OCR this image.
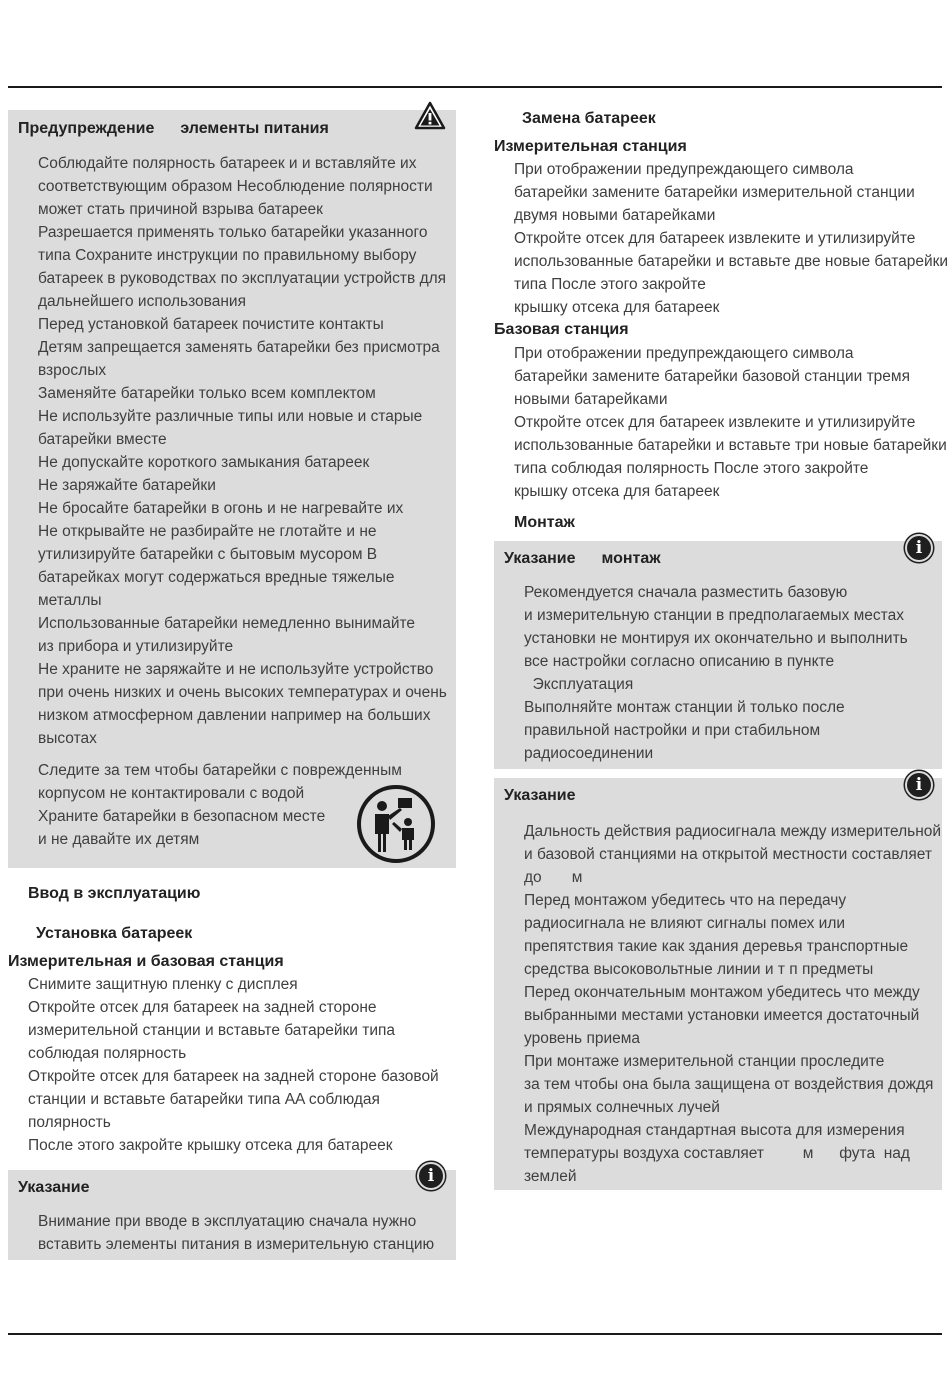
Предупреждение элементы питания
Соблюдайте полярность батареек и и вставляйте их
соответствующим образом Несоблюдение полярности
может стать причиной взрыва батареек
Разрешается применять только батарейки указанного
типа Сохраните инструкции по правильному выбору
батареек в руководствах по эксплуатации устройств для
дальнейшего использования
Перед установкой батареек почистите контакты
Детям запрещается заменять батарейки без присмотра
взрослых
Заменяйте батарейки только всем комплектом
Не используйте различные типы или новые и старые
батарейки вместе
Не допускайте короткого замыкания батареек
Не заряжайте батарейки
Не бросайте батарейки в огонь и не нагревайте их
Не открывайте не разбирайте не глотайте и не
утилизируйте батарейки с бытовым мусором В
батарейках могут содержаться вредные тяжелые
металлы
Использованные батарейки немедленно вынимайте
из прибора и утилизируйте
Не храните не заряжайте и не используйте устройство
при очень низких и очень высоких температурах и очень
низком атмосферном давлении например на больших
высотах
Следите за тем чтобы батарейки с поврежденным
корпусом не контактировали с водой
Храните батарейки в безопасном месте
и не давайте их детям
Ввод в эксплуатацию
Установка батареек
Измерительная и базовая станция
Снимите защитную пленку с дисплея
Откройте отсек для батареек на задней стороне
измерительной станции и вставьте батарейки типа
соблюдая полярность
Откройте отсек для батареек на задней стороне базовой
станции и вставьте батарейки типа AA соблюдая
полярность
После этого закройте крышку отсека для батареек
Указание
i
Внимание при вводе в эксплуатацию сначала нужно
вставить элементы питания в измерительную станцию
Замена батареек
Измерительная станция
При отображении предупреждающего символа
батарейки замените батарейки измерительной станции
двумя новыми батарейками
Откройте отсек для батареек извлеките и утилизируйте
использованные батарейки и вставьте две новые батарейки
типа После этого закройте
крышку отсека для батареек
Базовая станция
При отображении предупреждающего символа
батарейки замените батарейки базовой станции тремя
новыми батарейками
Откройте отсек для батареек извлеките и утилизируйте
использованные батарейки и вставьте три новые батарейки
типа соблюдая полярность После этого закройте
крышку отсека для батареек
Монтаж
Указание монтаж
i
Рекомендуется сначала разместить базовую
и измерительную станции в предполагаемых местах
установки не монтируя их окончательно и выполнить
все настройки согласно описанию в пункте
Эксплуатация
Выполняйте монтаж станции й только после
правильной настройки и при стабильном
радиосоединении
Указание
i
Дальность действия радиосигнала между измерительной
и базовой станциями на открытой местности составляет
до       м
Перед монтажом убедитесь что на передачу
радиосигнала не влияют сигналы помех или
препятствия такие как здания деревья транспортные
средства высоковольтные линии и т п предметы
Перед окончательным монтажом убедитесь что между
выбранными местами установки имеется достаточный
уровень приема
При монтаже измерительной станции проследите
за тем чтобы она была защищена от воздействия дождя
и прямых солнечных лучей
Международная стандартная высота для измерения
температуры воздуха составляет         м      фута  над
землей
